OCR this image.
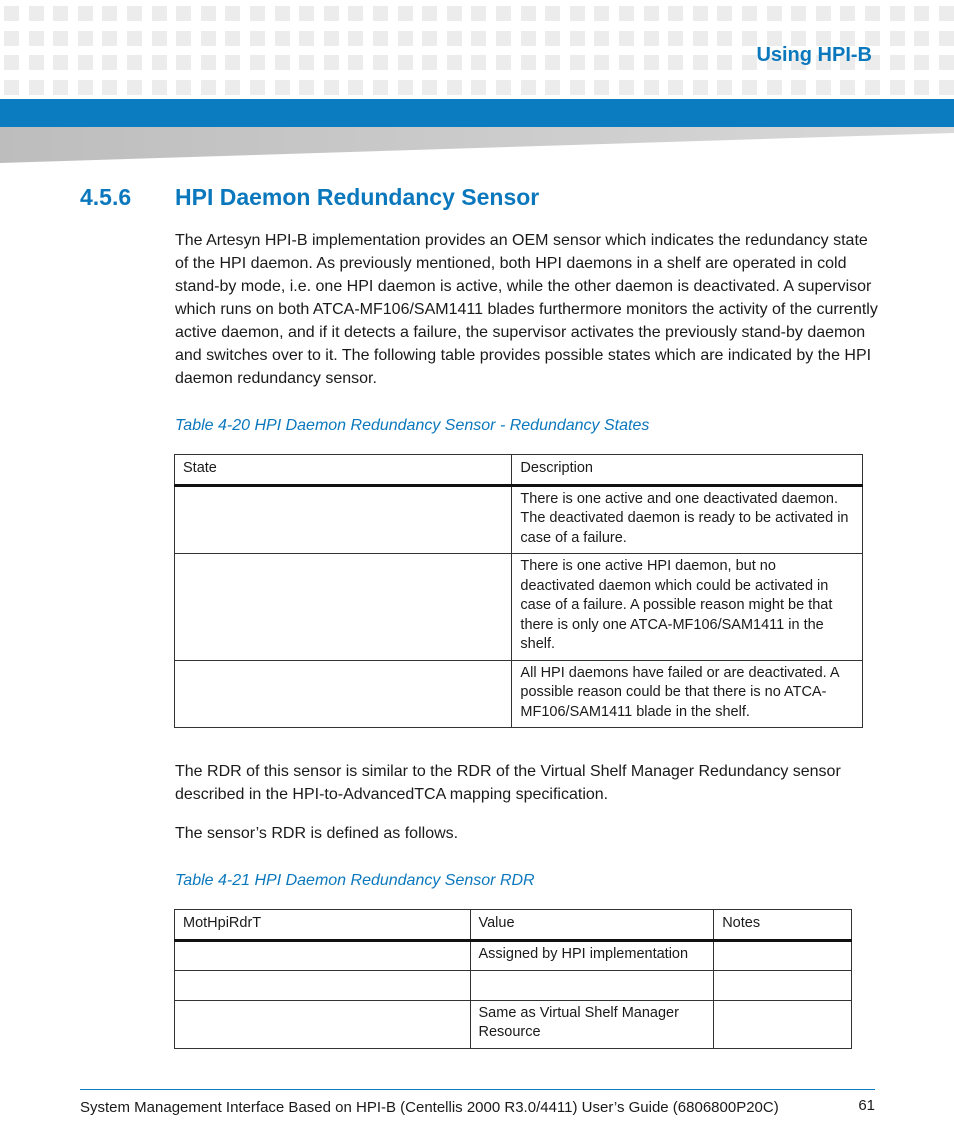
Using HPI-B
4.5.6 HPI Daemon Redundancy Sensor

The Artesyn HPI-B implementation provides an OEM sensor which indicates the redundancy state of the HPI daemon. As previously mentioned, both HPI daemons in a shelf are operated in cold stand-by mode, i.e. one HPI daemon is active, while the other daemon is deactivated. A supervisor which runs on both ATCA-MF106/SAM1411 blades furthermore monitors the activity of the currently active daemon, and if it detects a failure, the supervisor activates the previously stand-by daemon and switches over to it. The following table provides possible states which are indicated by the HPI daemon redundancy sensor.

Table 4-20 HPI Daemon Redundancy Sensor - Redundancy States
State	Description
	There is one active and one deactivated daemon. The deactivated daemon is ready to be activated in case of a failure.
	There is one active HPI daemon, but no deactivated daemon which could be activated in case of a failure. A possible reason might be that there is only one ATCA-MF106/SAM1411 in the shelf.
	All HPI daemons have failed or are deactivated. A possible reason could be that there is no ATCA-MF106/SAM1411 blade in the shelf.

The RDR of this sensor is similar to the RDR of the Virtual Shelf Manager Redundancy sensor described in the HPI-to-AdvancedTCA mapping specification.

The sensor’s RDR is defined as follows.

Table 4-21 HPI Daemon Redundancy Sensor RDR
MotHpiRdrT	Value	Notes
	Assigned by HPI implementation	

	Same as Virtual Shelf Manager Resource	
System Management Interface Based on HPI-B (Centellis 2000 R3.0/4411) User’s Guide (6806800P20C)	61
